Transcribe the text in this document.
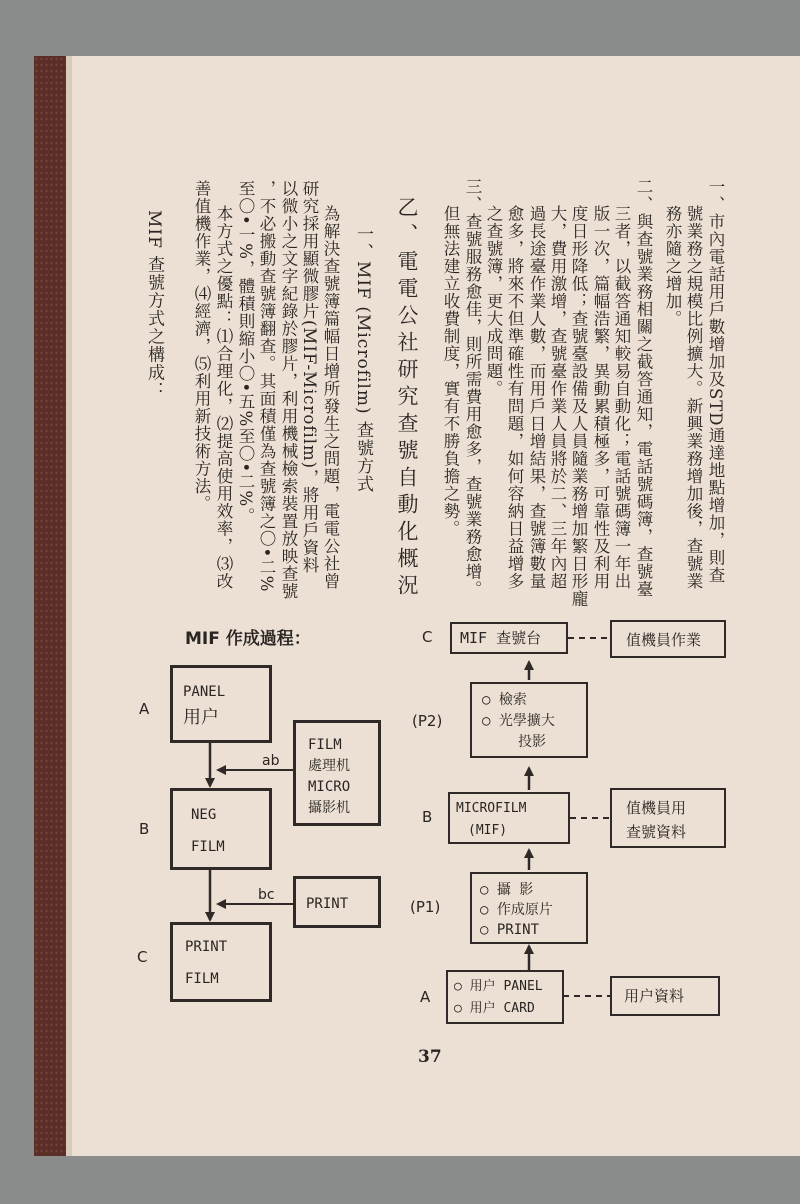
一、市內電話用戶數增加及STD通達地點增加，則查
號業務之規模比例擴大。新興業務增加後，查號業
務亦隨之增加。
二、與查號業務相關之截答通知，電話號碼簿，查號臺
三者，以截答通知較易自動化；電話號碼簿一年出
版一次，篇幅浩繁，異動累積極多，可靠性及利用
度日形降低；查號臺設備及人員隨業務增加繁日形龐
大，費用激增，查號臺作業人員將於二、三年內超
過長途臺作業人數，而用戶日增結果，查號簿數量
愈多，將來不但準確性有問題，如何容納日益增多
之查號簿，更大成問題。
三、查號服務愈佳，則所需費用愈多，查號業務愈增。
但無法建立收費制度，實有不勝負擔之勢。
乙、電電公社研究查號自動化概況
一、MIF (Microfilm) 查號方式
為解決查號簿篇幅日增所發生之問題，電電公社曾
研究採用顯微膠片(MIF-Microfilm)，將用戶資料
以微小之文字紀錄於膠片，利用機械檢索裝置放映查號
，不必搬動查號簿翻查。其面積僅為查號簿之〇•二%
至〇•一%，體積則縮小〇•五%至〇•二%。
本方式之優點：⑴合理化，⑵提高使用效率，⑶改
善值機作業，⑷經濟，⑸利用新技術方法。
MIF 查號方式之構成：
MIF 作成過程：
A
B
C
PANEL
用户
NEG
FILM
PRINT
FILM
FILM
處理机
MICRO
攝影机
PRINT
ab
bc
C
(P2)
B
(P1)
A
MIF 查號台	值機員作業
○ 檢索
○ 光學擴大
投影
MICROFILM
(MIF)
值機員用
查號資料
○ 攝 影
○ 作成原片
○ PRINT
○ 用户 PANEL
○ 用户 CARD
用户資料
37
